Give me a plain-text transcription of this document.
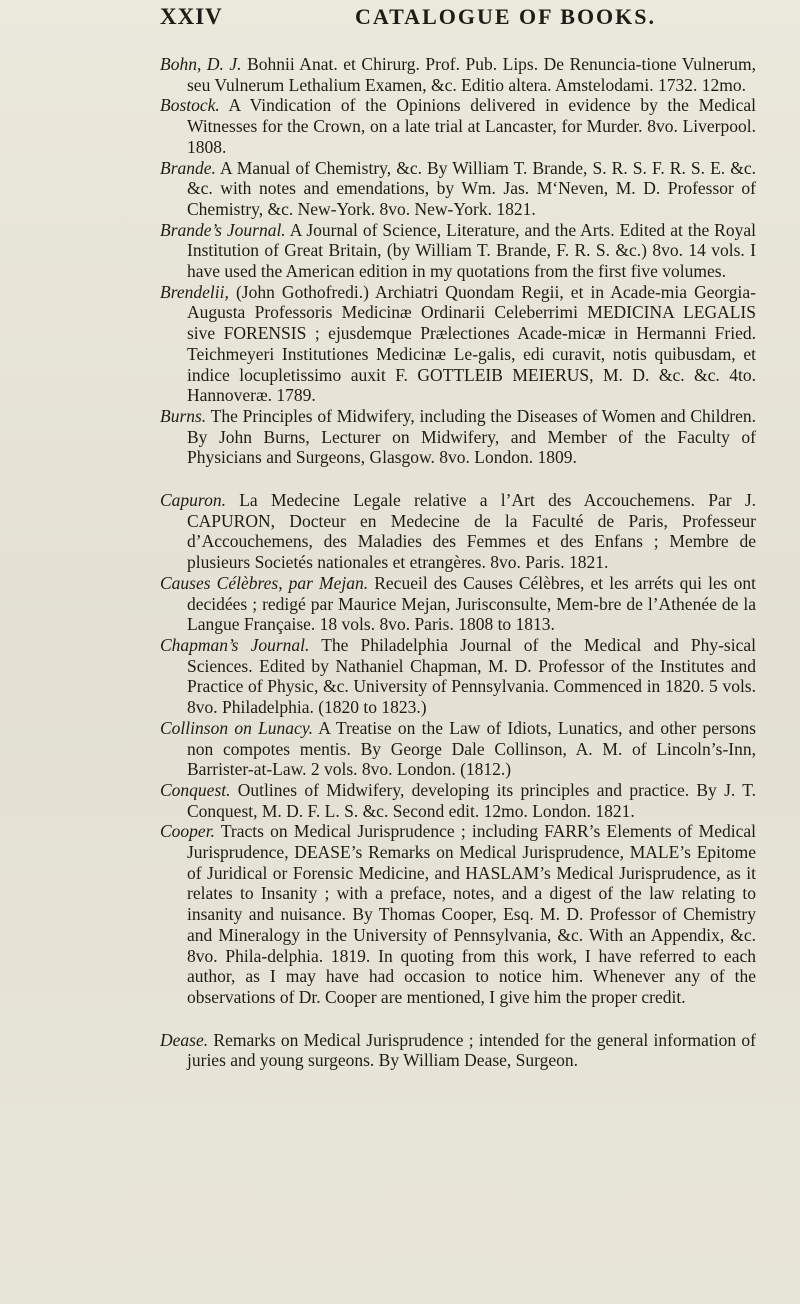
XXIV	CATALOGUE OF BOOKS.

Bohn, D. J. Bohnii Anat. et Chirurg. Prof. Pub. Lips. De Renuncia-tione Vulnerum, seu Vulnerum Lethalium Examen, &c. Editio altera. Amstelodami. 1732. 12mo.

Bostock. A Vindication of the Opinions delivered in evidence by the Medical Witnesses for the Crown, on a late trial at Lancaster, for Murder. 8vo. Liverpool. 1808.

Brande. A Manual of Chemistry, &c. By William T. Brande, S. R. S. F. R. S. E. &c. &c. with notes and emendations, by Wm. Jas. M‘Neven, M. D. Professor of Chemistry, &c. New-York. 8vo. New-York. 1821.

Brande’s Journal. A Journal of Science, Literature, and the Arts. Edited at the Royal Institution of Great Britain, (by William T. Brande, F. R. S. &c.) 8vo. 14 vols. I have used the American edition in my quotations from the first five volumes.

Brendelii, (John Gothofredi.) Archiatri Quondam Regii, et in Acade-mia Georgia-Augusta Professoris Medicinæ Ordinarii Celeberrimi MEDICINA LEGALIS sive FORENSIS ; ejusdemque Prælectiones Acade-micæ in Hermanni Fried. Teichmeyeri Institutiones Medicinæ Le-galis, edi curavit, notis quibusdam, et indice locupletissimo auxit F. GOTTLEIB MEIERUS, M. D. &c. &c. 4to. Hannoveræ. 1789.

Burns. The Principles of Midwifery, including the Diseases of Women and Children. By John Burns, Lecturer on Midwifery, and Member of the Faculty of Physicians and Surgeons, Glasgow. 8vo. London. 1809.

Capuron. La Medecine Legale relative a l’Art des Accouchemens. Par J. CAPURON, Docteur en Medecine de la Faculté de Paris, Professeur d’Accouchemens, des Maladies des Femmes et des Enfans ; Membre de plusieurs Societés nationales et etrangères. 8vo. Paris. 1821.

Causes Célèbres, par Mejan. Recueil des Causes Célèbres, et les arréts qui les ont decidées ; redigé par Maurice Mejan, Jurisconsulte, Mem-bre de l’Athenée de la Langue Française. 18 vols. 8vo. Paris. 1808 to 1813.

Chapman’s Journal. The Philadelphia Journal of the Medical and Phy-sical Sciences. Edited by Nathaniel Chapman, M. D. Professor of the Institutes and Practice of Physic, &c. University of Pennsylvania. Commenced in 1820. 5 vols. 8vo. Philadelphia. (1820 to 1823.)

Collinson on Lunacy. A Treatise on the Law of Idiots, Lunatics, and other persons non compotes mentis. By George Dale Collinson, A. M. of Lincoln’s-Inn, Barrister-at-Law. 2 vols. 8vo. London. (1812.)

Conquest. Outlines of Midwifery, developing its principles and practice. By J. T. Conquest, M. D. F. L. S. &c. Second edit. 12mo. London. 1821.

Cooper. Tracts on Medical Jurisprudence ; including FARR’s Elements of Medical Jurisprudence, DEASE’s Remarks on Medical Jurisprudence, MALE’s Epitome of Juridical or Forensic Medicine, and HASLAM’s Medical Jurisprudence, as it relates to Insanity ; with a preface, notes, and a digest of the law relating to insanity and nuisance. By Thomas Cooper, Esq. M. D. Professor of Chemistry and Mineralogy in the University of Pennsylvania, &c. With an Appendix, &c. 8vo. Phila-delphia. 1819. In quoting from this work, I have referred to each author, as I may have had occasion to notice him. Whenever any of the observations of Dr. Cooper are mentioned, I give him the proper credit.

Dease. Remarks on Medical Jurisprudence ; intended for the general information of juries and young surgeons. By William Dease, Surgeon.
